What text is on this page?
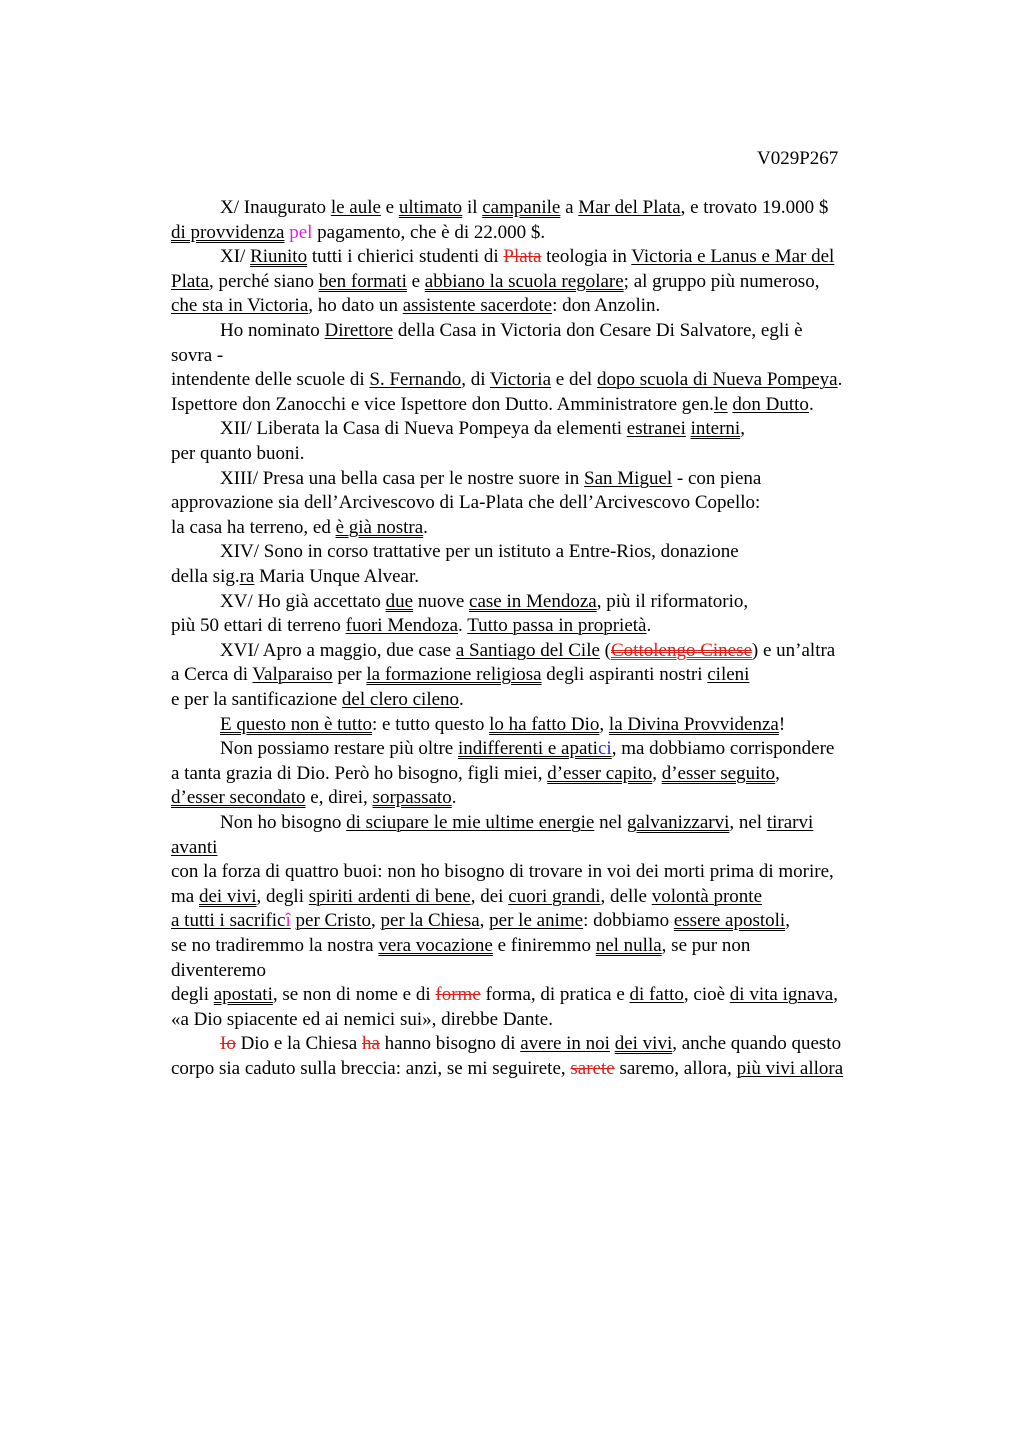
V029P267

X/ Inaugurato le aule e ultimato il campanile a Mar del Plata, e trovato 19.000 $

di provvidenza pel pagamento, che è di 22.000 $.

XI/ Riunito tutti i chierici studenti di Plata teologia in Victoria e Lanus e Mar del

Plata, perché siano ben formati e abbiano la scuola regolare; al gruppo più numeroso,

che sta in Victoria, ho dato un assistente sacerdote: don Anzolin.

Ho nominato Direttore della Casa in Victoria don Cesare Di Salvatore, egli è

sovra -

intendente delle scuole di S. Fernando, di Victoria e del dopo scuola di Nueva Pompeya.

Ispettore don Zanocchi e vice Ispettore don Dutto. Amministratore gen.le don Dutto.

XII/ Liberata la Casa di Nueva Pompeya da elementi estranei interni,

per quanto buoni.

XIII/ Presa una bella casa per le nostre suore in San Miguel - con piena

approvazione sia dell’Arcivescovo di La-Plata che dell’Arcivescovo Copello:

la casa ha terreno, ed è già nostra.

XIV/ Sono in corso trattative per un istituto a Entre-Rios, donazione

della sig.ra Maria Unque Alvear.

XV/ Ho già accettato due nuove case in Mendoza, più il riformatorio,

più 50 ettari di terreno fuori Mendoza. Tutto passa in proprietà.

XVI/ Apro a maggio, due case a Santiago del Cile (Cottolengo Cinese) e un’altra

a Cerca di Valparaiso per la formazione religiosa degli aspiranti nostri cileni

e per la santificazione del clero cileno.

E questo non è tutto: e tutto questo lo ha fatto Dio, la Divina Provvidenza!

Non possiamo restare più oltre indifferenti e apatici, ma dobbiamo corrispondere

a tanta grazia di Dio. Però ho bisogno, figli miei, d’esser capito, d’esser seguito,

d’esser secondato e, direi, sorpassato.

Non ho bisogno di sciupare le mie ultime energie nel galvanizzarvi, nel tirarvi

avanti

con la forza di quattro buoi: non ho bisogno di trovare in voi dei morti prima di morire,

ma dei vivi, degli spiriti ardenti di bene, dei cuori grandi, delle volontà pronte

a tutti i sacrificî per Cristo, per la Chiesa, per le anime: dobbiamo essere apostoli,

se no tradiremmo la nostra vera vocazione e finiremmo nel nulla, se pur non

diventeremo

degli apostati, se non di nome e di forme forma, di pratica e di fatto, cioè di vita ignava,

«a Dio spiacente ed ai nemici sui», direbbe Dante.

Io Dio e la Chiesa ha hanno bisogno di avere in noi dei vivi, anche quando questo

corpo sia caduto sulla breccia: anzi, se mi seguirete, sarete saremo, allora, più vivi allora
